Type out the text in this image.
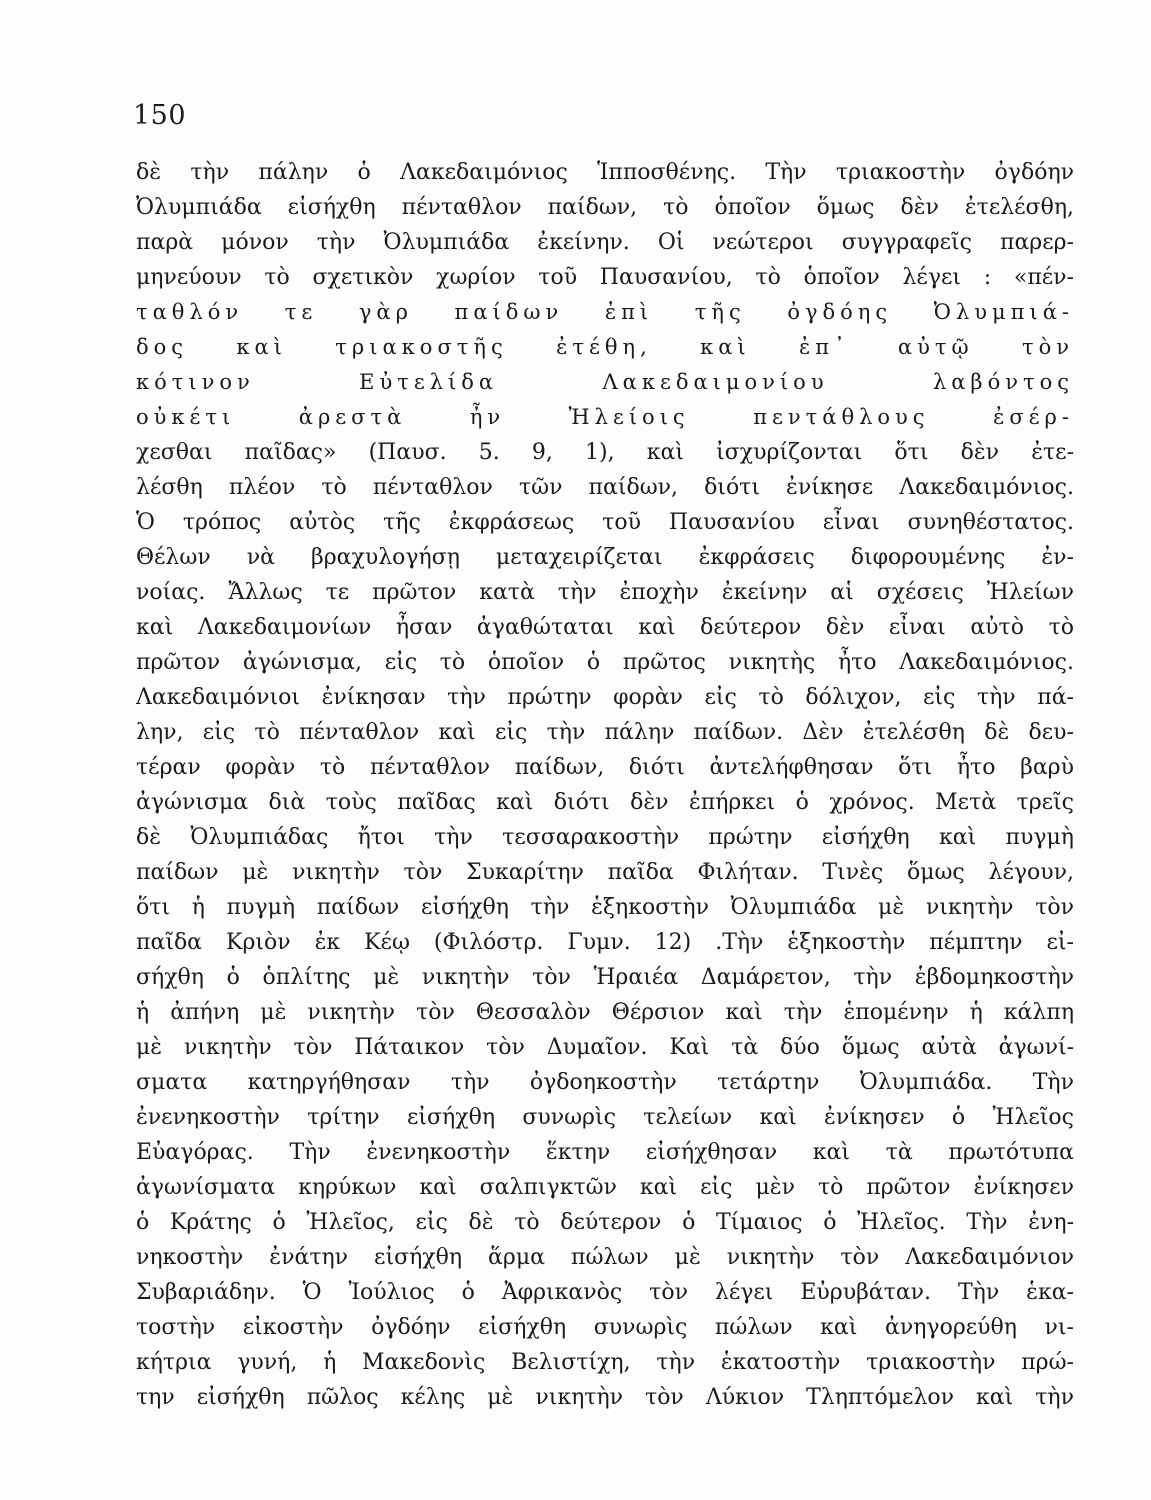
150
δὲ τὴν πάλην ὁ Λακεδαιμόνιος Ἱπποσθένης. Τὴν τριακοστὴν ὀγδόην
Ὀλυμπιάδα εἰσήχθη πένταθλον παίδων, τὸ ὁποῖον ὅμως δὲν ἐτελέσθη,
παρὰ μόνον τὴν Ὀλυμπιάδα ἐκείνην. Οἱ νεώτεροι συγγραφεῖς παρερ-
μηνεύουν τὸ σχετικὸν χωρίον τοῦ Παυσανίου, τὸ ὁποῖον λέγει : «πέν-
ταθλόν τε γὰρ παίδων ἐπὶ τῆς ὀγδόης Ὀλυμπιά-
δος καὶ τριακοστῆς ἐτέθη, καὶ ἐπ᾽ αὐτῷ τὸν
κότινον Εὐτελίδα Λακεδαιμονίου λαβόντος
οὐκέτι ἀρεστὰ ἦν Ἠλείοις πεντάθλους ἐσέρ-
χεσθαι παῖδας» (Παυσ. 5. 9, 1), καὶ ἰσχυρίζονται ὅτι δὲν ἐτε-
λέσθη πλέον τὸ πένταθλον τῶν παίδων, διότι ἐνίκησε Λακεδαιμόνιος.
Ὁ τρόπος αὐτὸς τῆς ἐκφράσεως τοῦ Παυσανίου εἶναι συνηθέστατος.
Θέλων νὰ βραχυλογήσῃ μεταχειρίζεται ἐκφράσεις διφορουμένης ἐν-
νοίας. Ἄλλως τε πρῶτον κατὰ τὴν ἐποχὴν ἐκείνην αἱ σχέσεις Ἠλείων
καὶ Λακεδαιμονίων ἦσαν ἀγαθώταται καὶ δεύτερον δὲν εἶναι αὐτὸ τὸ
πρῶτον ἀγώνισμα, εἰς τὸ ὁποῖον ὁ πρῶτος νικητὴς ἦτο Λακεδαιμόνιος.
Λακεδαιμόνιοι ἐνίκησαν τὴν πρώτην φορὰν εἰς τὸ δόλιχον, εἰς τὴν πά-
λην, εἰς τὸ πένταθλον καὶ εἰς τὴν πάλην παίδων. Δὲν ἐτελέσθη δὲ δευ-
τέραν φορὰν τὸ πένταθλον παίδων, διότι ἀντελήφθησαν ὅτι ἦτο βαρὺ
ἀγώνισμα διὰ τοὺς παῖδας καὶ διότι δὲν ἐπήρκει ὁ χρόνος. Μετὰ τρεῖς
δὲ Ὀλυμπιάδας ἤτοι τὴν τεσσαρακοστὴν πρώτην εἰσήχθη καὶ πυγμὴ
παίδων μὲ νικητὴν τὸν Συκαρίτην παῖδα Φιλήταν. Τινὲς ὅμως λέγουν,
ὅτι ἡ πυγμὴ παίδων εἰσήχθη τὴν ἑξηκοστὴν Ὀλυμπιάδα μὲ νικητὴν τὸν
παῖδα Κριὸν ἐκ Κέῳ (Φιλόστρ. Γυμν. 12) .Τὴν ἑξηκοστὴν πέμπτην εἰ-
σήχθη ὁ ὁπλίτης μὲ νικητὴν τὸν Ἡραιέα Δαμάρετον, τὴν ἑβδομηκοστὴν
ἡ ἀπήνη μὲ νικητὴν τὸν Θεσσαλὸν Θέρσιον καὶ τὴν ἑπομένην ἡ κάλπη
μὲ νικητὴν τὸν Πάταικον τὸν Δυμαῖον. Καὶ τὰ δύο ὅμως αὐτὰ ἀγωνί-
σματα κατηργήθησαν τὴν ὀγδοηκοστὴν τετάρτην Ὀλυμπιάδα. Τὴν
ἐνενηκοστὴν τρίτην εἰσήχθη συνωρὶς τελείων καὶ ἐνίκησεν ὁ Ἠλεῖος
Εὐαγόρας. Τὴν ἐνενηκοστὴν ἕκτην εἰσήχθησαν καὶ τὰ πρωτότυπα
ἀγωνίσματα κηρύκων καὶ σαλπιγκτῶν καὶ εἰς μὲν τὸ πρῶτον ἐνίκησεν
ὁ Κράτης ὁ Ἠλεῖος, εἰς δὲ τὸ δεύτερον ὁ Τίμαιος ὁ Ἠλεῖος. Τὴν ἐνη-
νηκοστὴν ἐνάτην εἰσήχθη ἅρμα πώλων μὲ νικητὴν τὸν Λακεδαιμόνιον
Συβαριάδην. Ὁ Ἰούλιος ὁ Ἀφρικανὸς τὸν λέγει Εὐρυβάταν. Τὴν ἑκα-
τοστὴν εἰκοστὴν ὀγδόην εἰσήχθη συνωρὶς πώλων καὶ ἀνηγορεύθη νι-
κήτρια γυνή, ἡ Μακεδονὶς Βελιστίχη, τὴν ἑκατοστὴν τριακοστὴν πρώ-
την εἰσήχθη πῶλος κέλης μὲ νικητὴν τὸν Λύκιον Τληπτόμελον καὶ τὴν
